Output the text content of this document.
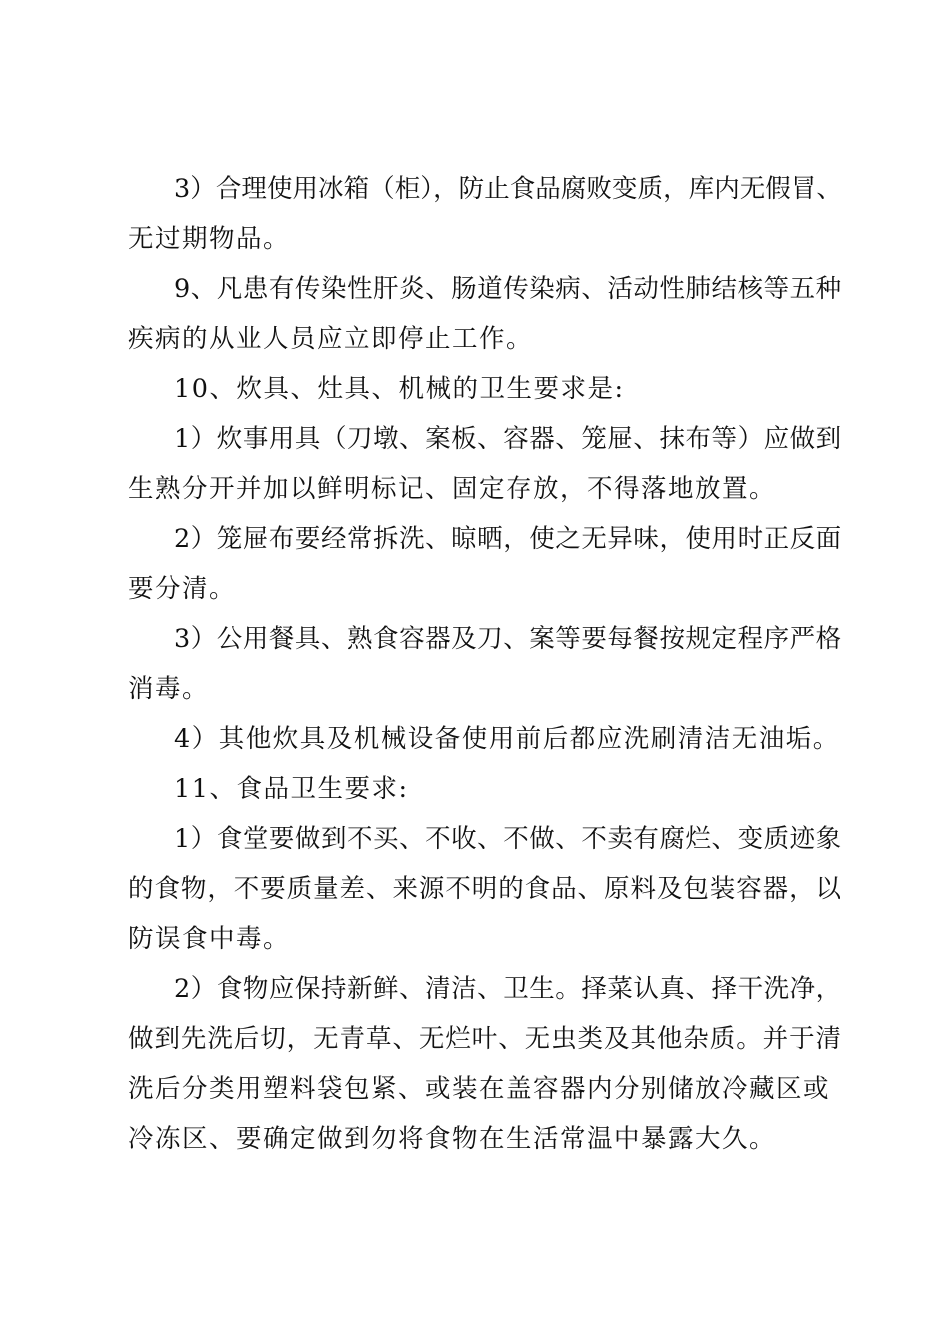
3）合理使用冰箱（柜），防止食品腐败变质，库内无假冒、
无过期物品。
9、凡患有传染性肝炎、肠道传染病、活动性肺结核等五种
疾病的从业人员应立即停止工作。
10、炊具、灶具、机械的卫生要求是:
1）炊事用具（刀墩、案板、容器、笼屉、抹布等）应做到
生熟分开并加以鲜明标记、固定存放，不得落地放置。
2）笼屉布要经常拆洗、晾晒，使之无异味，使用时正反面
要分清。
3）公用餐具、熟食容器及刀、案等要每餐按规定程序严格
消毒。
4）其他炊具及机械设备使用前后都应洗刷清洁无油垢。
11、食品卫生要求:
1）食堂要做到不买、不收、不做、不卖有腐烂、变质迹象
的食物，不要质量差、来源不明的食品、原料及包装容器，以
防误食中毒。
2）食物应保持新鲜、清洁、卫生。择菜认真、择干洗净，
做到先洗后切，无青草、无烂叶、无虫类及其他杂质。并于清
洗后分类用塑料袋包紧、或装在盖容器内分别储放冷藏区或
冷冻区、要确定做到勿将食物在生活常温中暴露大久。
